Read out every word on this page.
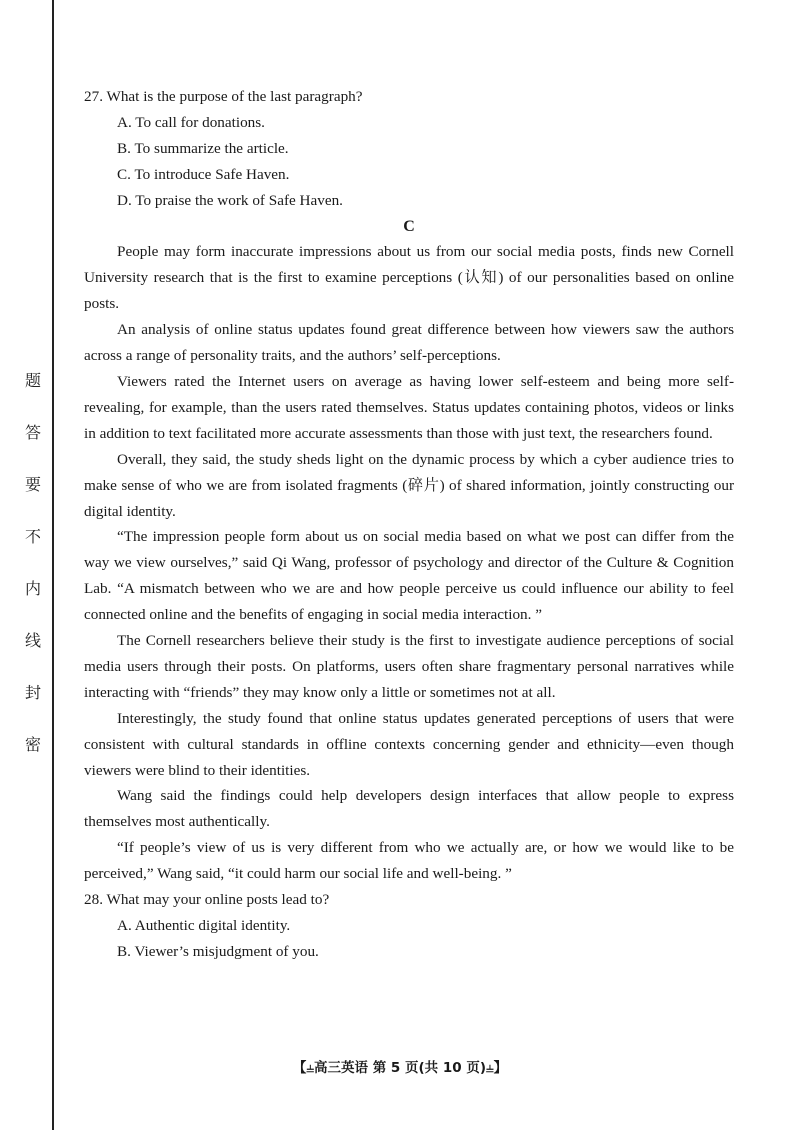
题
答
要
不
内
线
封
密

27. What is the purpose of the last paragraph?

A. To call for donations.

B. To summarize the article.

C. To introduce Safe Haven.

D. To praise the work of Safe Haven.

C

People may form inaccurate impressions about us from our social media posts, finds new Cornell University research that is the first to examine perceptions (认知) of our personalities based on online posts.

An analysis of online status updates found great difference between how viewers saw the authors across a range of personality traits, and the authors’ self-perceptions.

Viewers rated the Internet users on average as having lower self-esteem and being more self-revealing, for example, than the users rated themselves. Status updates containing photos, videos or links in addition to text facilitated more accurate assessments than those with just text, the researchers found.

Overall, they said, the study sheds light on the dynamic process by which a cyber audience tries to make sense of who we are from isolated fragments (碎片) of shared information, jointly constructing our digital identity.

“The impression people form about us on social media based on what we post can differ from the way we view ourselves,” said Qi Wang, professor of psychology and director of the Culture & Cognition Lab. “A mismatch between who we are and how people perceive us could influence our ability to feel connected online and the benefits of engaging in social media interaction. ”

The Cornell researchers believe their study is the first to investigate audience perceptions of social media users through their posts. On platforms, users often share fragmentary personal narratives while interacting with “friends” they may know only a little or sometimes not at all.

Interestingly, the study found that online status updates generated perceptions of users that were consistent with cultural standards in offline contexts concerning gender and ethnicity—even though viewers were blind to their identities.

Wang said the findings could help developers design interfaces that allow people to express themselves most authentically.

“If people’s view of us is very different from who we actually are, or how we would like to be perceived,” Wang said, “it could harm our social life and well-being. ”

28. What may your online posts lead to?

A. Authentic digital identity.

B. Viewer’s misjudgment of you.

【⫨高三英语 第 5 页(共 10 页)⫨】
